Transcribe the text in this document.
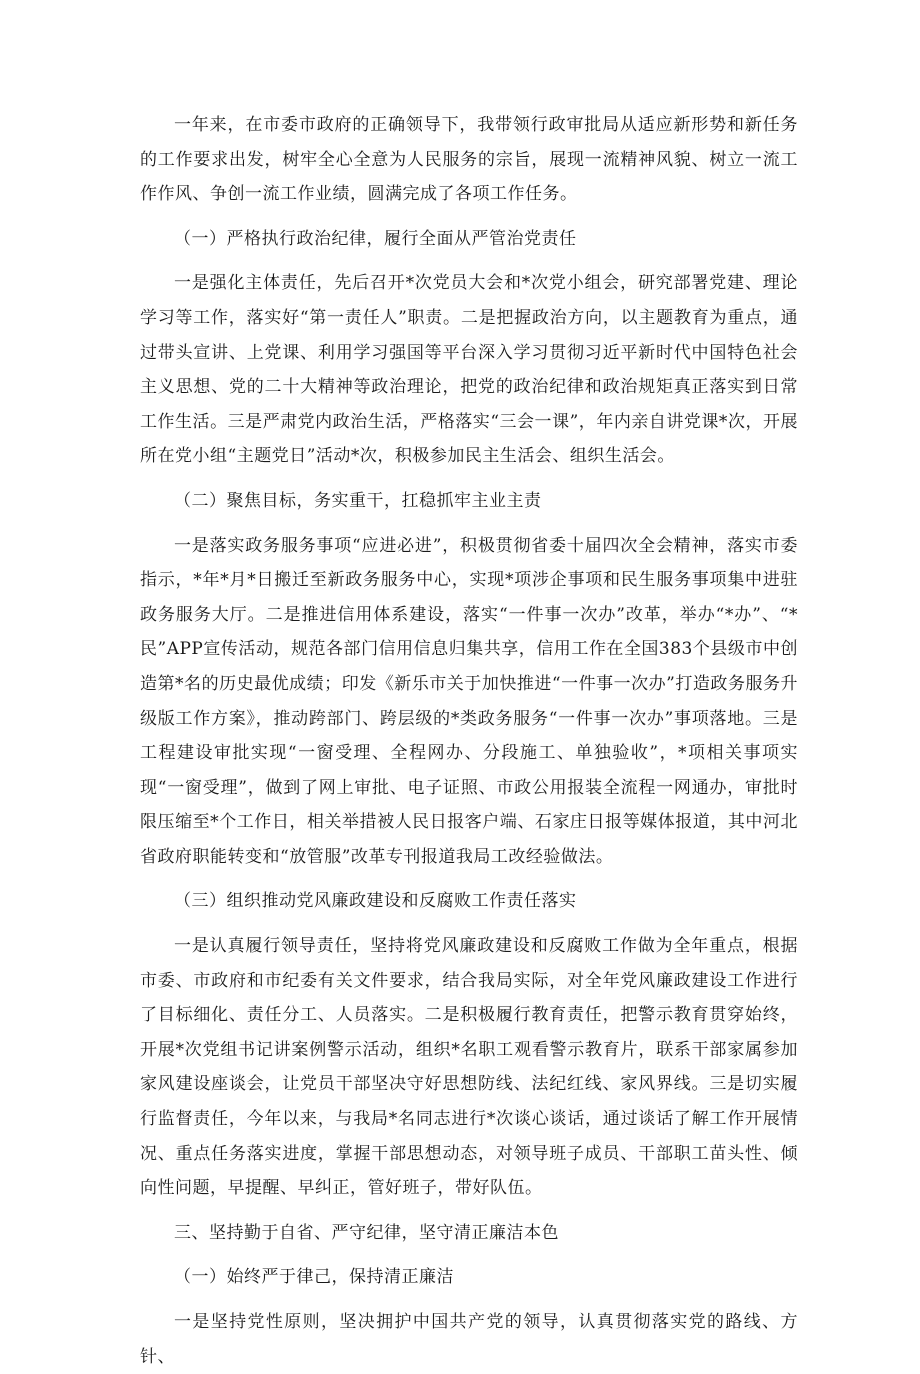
一年来，在市委市政府的正确领导下，我带领行政审批局从适应新形势和新任务的工作要求出发，树牢全心全意为人民服务的宗旨，展现一流精神风貌、树立一流工作作风、争创一流工作业绩，圆满完成了各项工作任务。

（一）严格执行政治纪律，履行全面从严管治党责任

一是强化主体责任，先后召开*次党员大会和*次党小组会，研究部署党建、理论学习等工作，落实好“第一责任人”职责。二是把握政治方向，以主题教育为重点，通过带头宣讲、上党课、利用学习强国等平台深入学习贯彻习近平新时代中国特色社会主义思想、党的二十大精神等政治理论，把党的政治纪律和政治规矩真正落实到日常工作生活。三是严肃党内政治生活，严格落实“三会一课”，年内亲自讲党课*次，开展所在党小组“主题党日”活动*次，积极参加民主生活会、组织生活会。

（二）聚焦目标，务实重干，扛稳抓牢主业主责

一是落实政务服务事项“应进必进”，积极贯彻省委十届四次全会精神，落实市委指示，*年*月*日搬迁至新政务服务中心，实现*项涉企事项和民生服务事项集中进驻政务服务大厅。二是推进信用体系建设，落实“一件事一次办”改革，举办“*办”、“*民”APP宣传活动，规范各部门信用信息归集共享，信用工作在全国383个县级市中创造第*名的历史最优成绩；印发《新乐市关于加快推进“一件事一次办”打造政务服务升级版工作方案》，推动跨部门、跨层级的*类政务服务“一件事一次办”事项落地。三是工程建设审批实现“一窗受理、全程网办、分段施工、单独验收”，*项相关事项实现“一窗受理”，做到了网上审批、电子证照、市政公用报装全流程一网通办，审批时限压缩至*个工作日，相关举措被人民日报客户端、石家庄日报等媒体报道，其中河北省政府职能转变和“放管服”改革专刊报道我局工改经验做法。

（三）组织推动党风廉政建设和反腐败工作责任落实

一是认真履行领导责任，坚持将党风廉政建设和反腐败工作做为全年重点，根据市委、市政府和市纪委有关文件要求，结合我局实际，对全年党风廉政建设工作进行了目标细化、责任分工、人员落实。二是积极履行教育责任，把警示教育贯穿始终，开展*次党组书记讲案例警示活动，组织*名职工观看警示教育片，联系干部家属参加家风建设座谈会，让党员干部坚决守好思想防线、法纪红线、家风界线。三是切实履行监督责任，今年以来，与我局*名同志进行*次谈心谈话，通过谈话了解工作开展情况、重点任务落实进度，掌握干部思想动态，对领导班子成员、干部职工苗头性、倾向性问题，早提醒、早纠正，管好班子，带好队伍。

三、坚持勤于自省、严守纪律，坚守清正廉洁本色

（一）始终严于律己，保持清正廉洁

一是坚持党性原则，坚决拥护中国共产党的领导，认真贯彻落实党的路线、方针、
